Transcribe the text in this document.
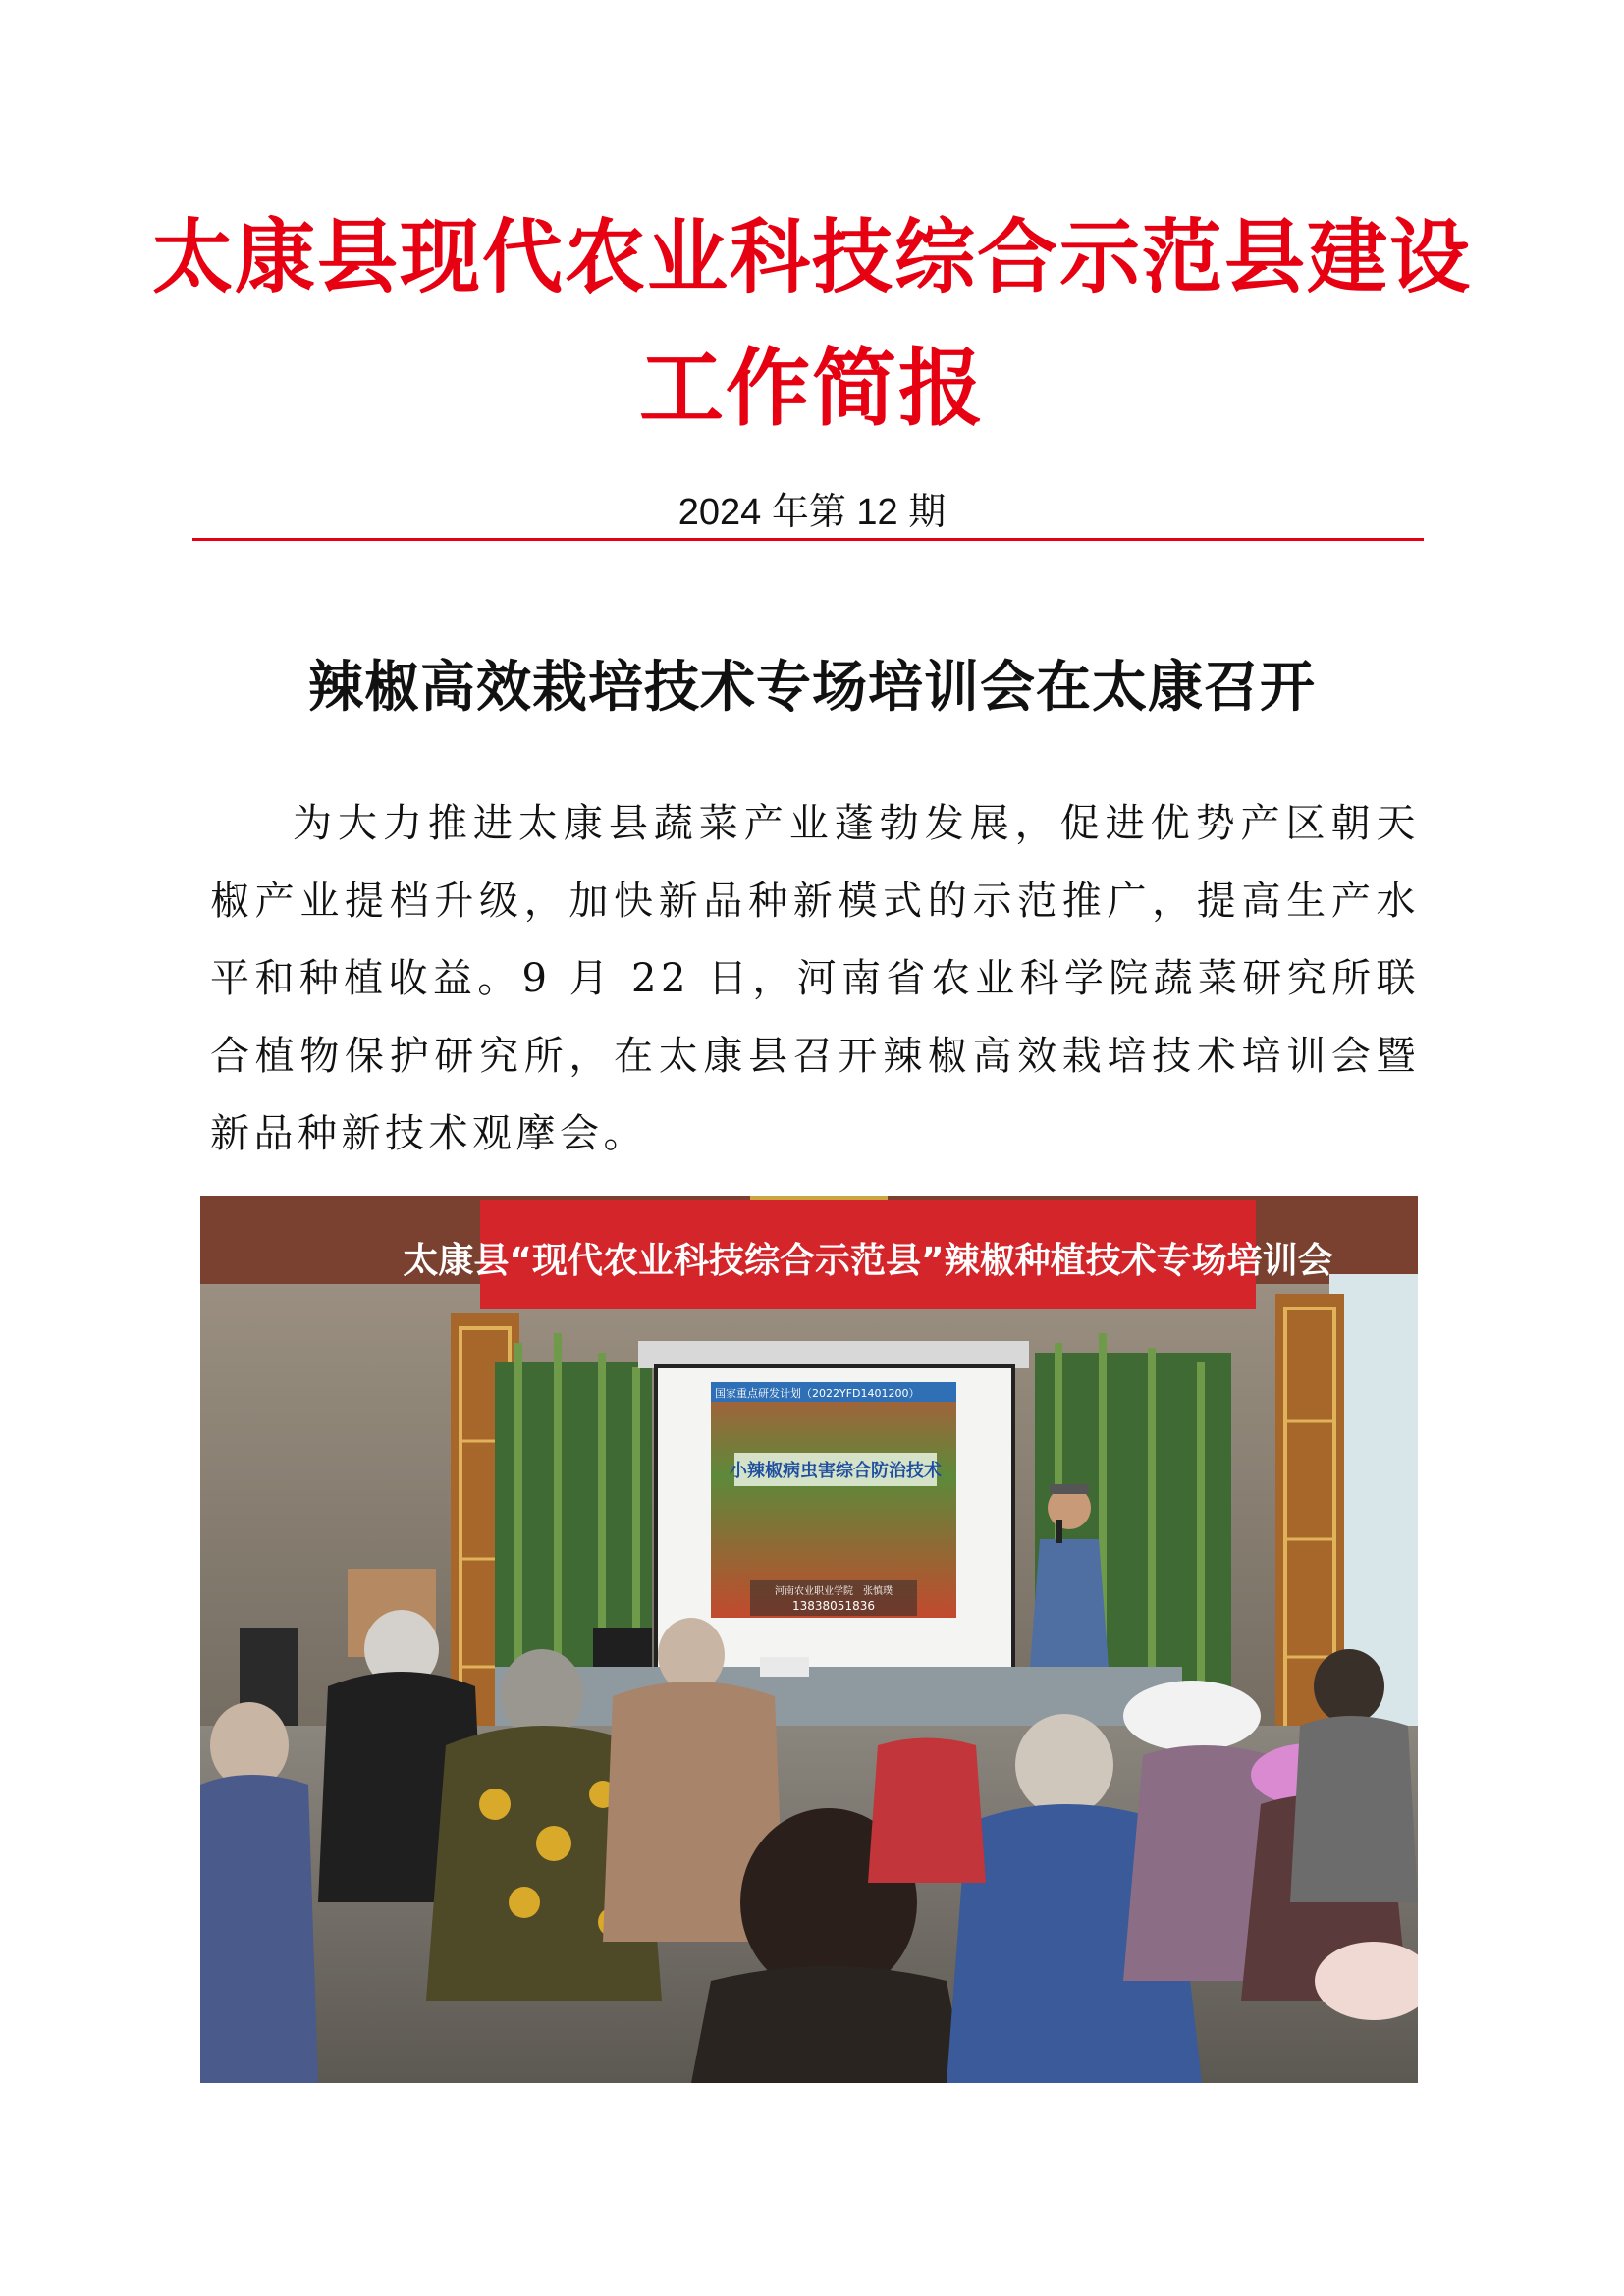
太康县现代农业科技综合示范县建设
工作简报
2024 年第 12 期
辣椒高效栽培技术专场培训会在太康召开

为大力推进太康县蔬菜产业蓬勃发展，促进优势产区朝天椒产业提档升级，加快新品种新模式的示范推广，提高生产水平和种植收益。9 月 22 日，河南省农业科学院蔬菜研究所联合植物保护研究所，在太康县召开辣椒高效栽培技术培训会暨新品种新技术观摩会。

太康县“现代农业科技综合示范县”辣椒种植技术专场培训会
国家重点研发计划（2022YFD1401200）
小辣椒病虫害综合防治技术
河南农业职业学院　张慎璞
13838051836
